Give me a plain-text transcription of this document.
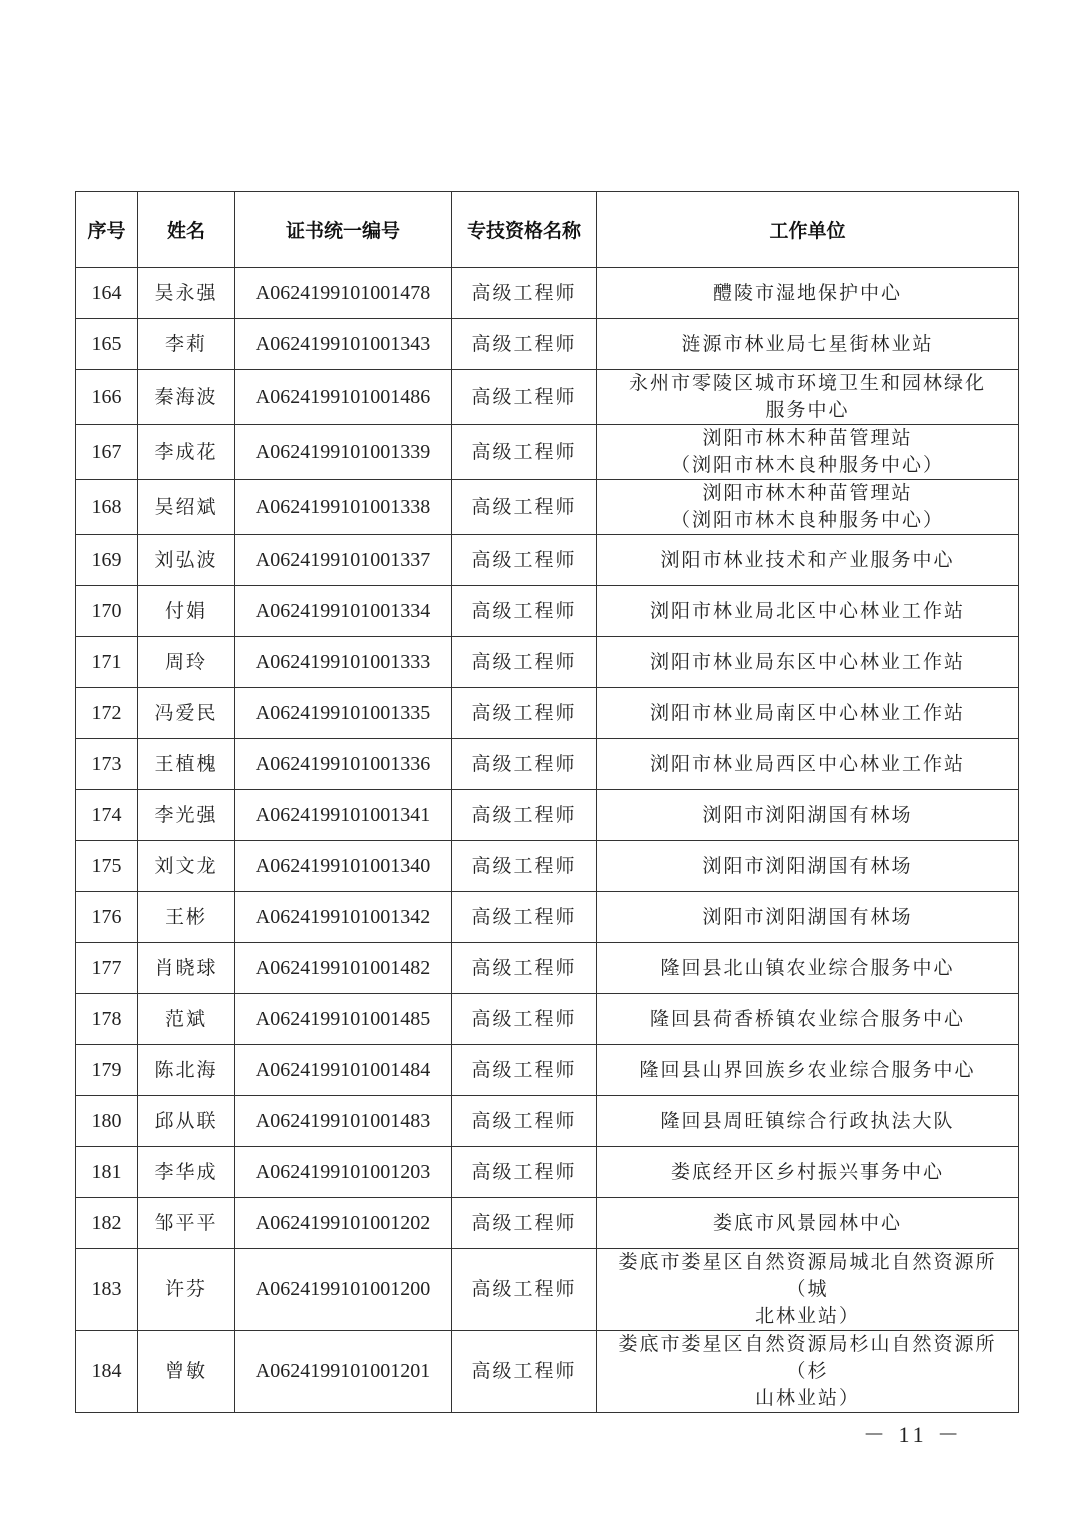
序号	姓名	证书统一编号	专技资格名称	工作单位
164	吴永强	A0624199101001478	高级工程师	醴陵市湿地保护中心

165	李莉	A0624199101001343	高级工程师	涟源市林业局七星街林业站

166	秦海波	A0624199101001486	高级工程师	永州市零陵区城市环境卫生和园林绿化
服务中心

167	李成花	A0624199101001339	高级工程师	浏阳市林木种苗管理站
（浏阳市林木良种服务中心）

168	吴绍斌	A0624199101001338	高级工程师	浏阳市林木种苗管理站
（浏阳市林木良种服务中心）

169	刘弘波	A0624199101001337	高级工程师	浏阳市林业技术和产业服务中心

170	付娟	A0624199101001334	高级工程师	浏阳市林业局北区中心林业工作站

171	周玲	A0624199101001333	高级工程师	浏阳市林业局东区中心林业工作站

172	冯爱民	A0624199101001335	高级工程师	浏阳市林业局南区中心林业工作站

173	王植槐	A0624199101001336	高级工程师	浏阳市林业局西区中心林业工作站

174	李光强	A0624199101001341	高级工程师	浏阳市浏阳湖国有林场

175	刘文龙	A0624199101001340	高级工程师	浏阳市浏阳湖国有林场

176	王彬	A0624199101001342	高级工程师	浏阳市浏阳湖国有林场

177	肖晓球	A0624199101001482	高级工程师	隆回县北山镇农业综合服务中心

178	范斌	A0624199101001485	高级工程师	隆回县荷香桥镇农业综合服务中心

179	陈北海	A0624199101001484	高级工程师	隆回县山界回族乡农业综合服务中心

180	邱从联	A0624199101001483	高级工程师	隆回县周旺镇综合行政执法大队

181	李华成	A0624199101001203	高级工程师	娄底经开区乡村振兴事务中心

182	邹平平	A0624199101001202	高级工程师	娄底市风景园林中心

183	许芬	A0624199101001200	高级工程师	娄底市娄星区自然资源局城北自然资源所（城
北林业站）

184	曾敏	A0624199101001201	高级工程师	娄底市娄星区自然资源局杉山自然资源所（杉
山林业站）
－ 11 －
